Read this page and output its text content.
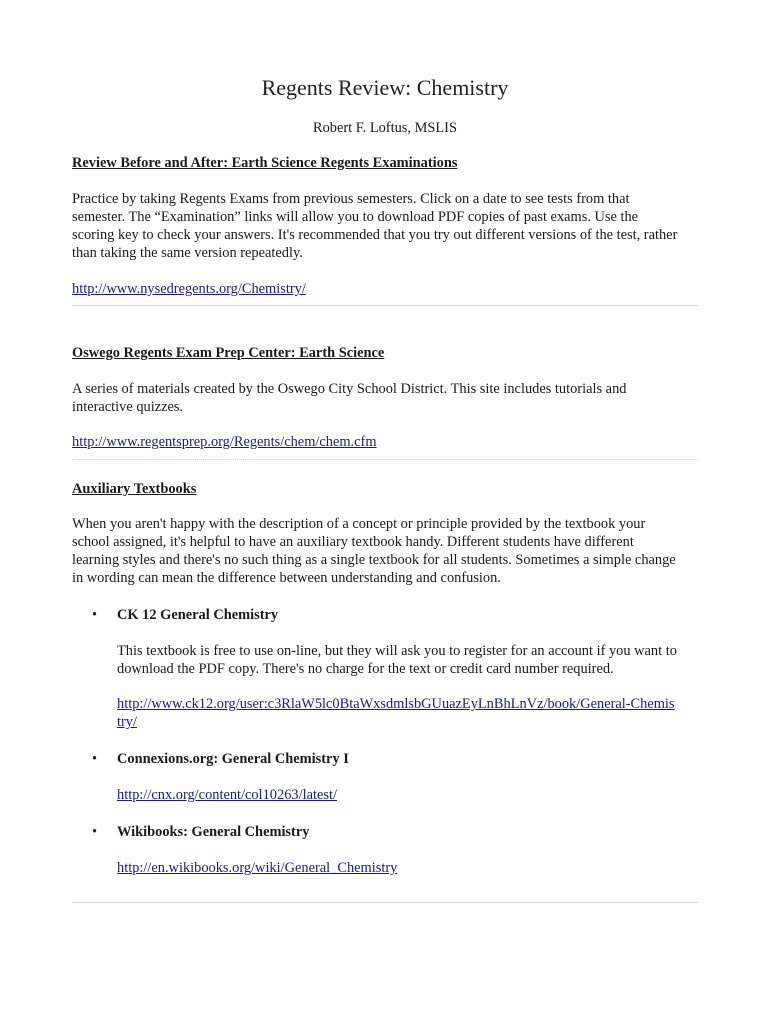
Regents Review: Chemistry
Robert F. Loftus, MSLIS
Review Before and After: Earth Science Regents Examinations
Practice by taking Regents Exams from previous semesters. Click on a date to see tests from that semester. The “Examination” links will allow you to download PDF copies of past exams. Use the scoring key to check your answers. It's recommended that you try out different versions of the test, rather than taking the same version repeatedly.
http://www.nysedregents.org/Chemistry/
Oswego Regents Exam Prep Center: Earth Science
A series of materials created by the Oswego City School District. This site includes tutorials and interactive quizzes.
http://www.regentsprep.org/Regents/chem/chem.cfm
Auxiliary Textbooks
When you aren't happy with the description of a concept or principle provided by the textbook your school assigned, it's helpful to have an auxiliary textbook handy. Different students have different learning styles and there's no such thing as a single textbook for all students. Sometimes a simple change in wording can mean the difference between understanding and confusion.
• CK 12 General Chemistry
This textbook is free to use on-line, but they will ask you to register for an account if you want to download the PDF copy. There's no charge for the text or credit card number required.
http://www.ck12.org/user:c3RlaW5lc0BtaWxsdmlsbGUuazEyLnBhLnVz/book/General-Chemistry/
• Connexions.org: General Chemistry I
http://cnx.org/content/col10263/latest/
• Wikibooks: General Chemistry
http://en.wikibooks.org/wiki/General_Chemistry
